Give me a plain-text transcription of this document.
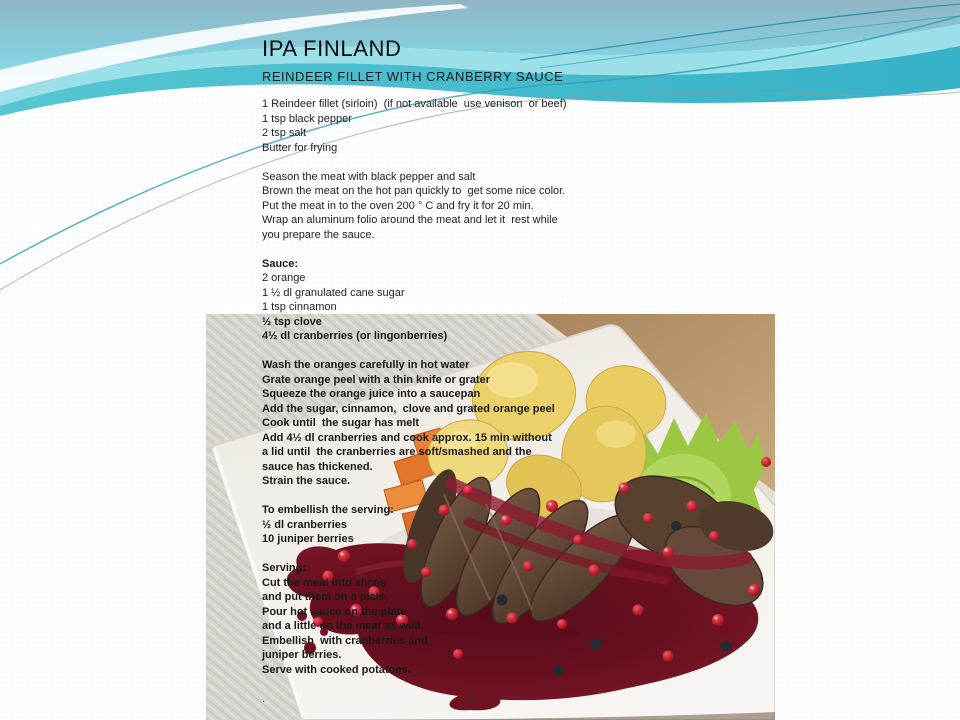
IPA FINLAND
REINDEER FILLET WITH CRANBERRY SAUCE
1 Reindeer fillet (sirloin)  (if not available  use venison  or beef)
1 tsp black pepper
2 tsp salt
Butter for frying

Season the meat with black pepper and salt
Brown the meat on the hot pan quickly to  get some nice color.
Put the meat in to the oven 200 ° C and fry it for 20 min.
Wrap an aluminum folio around the meat and let it  rest while
you prepare the sauce.

Sauce:
2 orange
1 ½ dl granulated cane sugar
1 tsp cinnamon
½ tsp clove
4½ dl cranberries (or lingonberries)

Wash the oranges carefully in hot water
Grate orange peel with a thin knife or grater
Squeeze the orange juice into a saucepan
Add the sugar, cinnamon,  clove and grated orange peel
Cook until  the sugar has melt
Add 4½ dl cranberries and cook approx. 15 min without
a lid until  the cranberries are soft/smashed and the
sauce has thickened.
Strain the sauce.

To embellish the serving:
½ dl cranberries
10 juniper berries

Serving:
Cut the meat into slices
and put them on a plate
Pour hot sauce on the plate
and a little on the meat as well.
Embellish  with cranberries and
juniper berries.
Serve with cooked potatoes.

.	6
